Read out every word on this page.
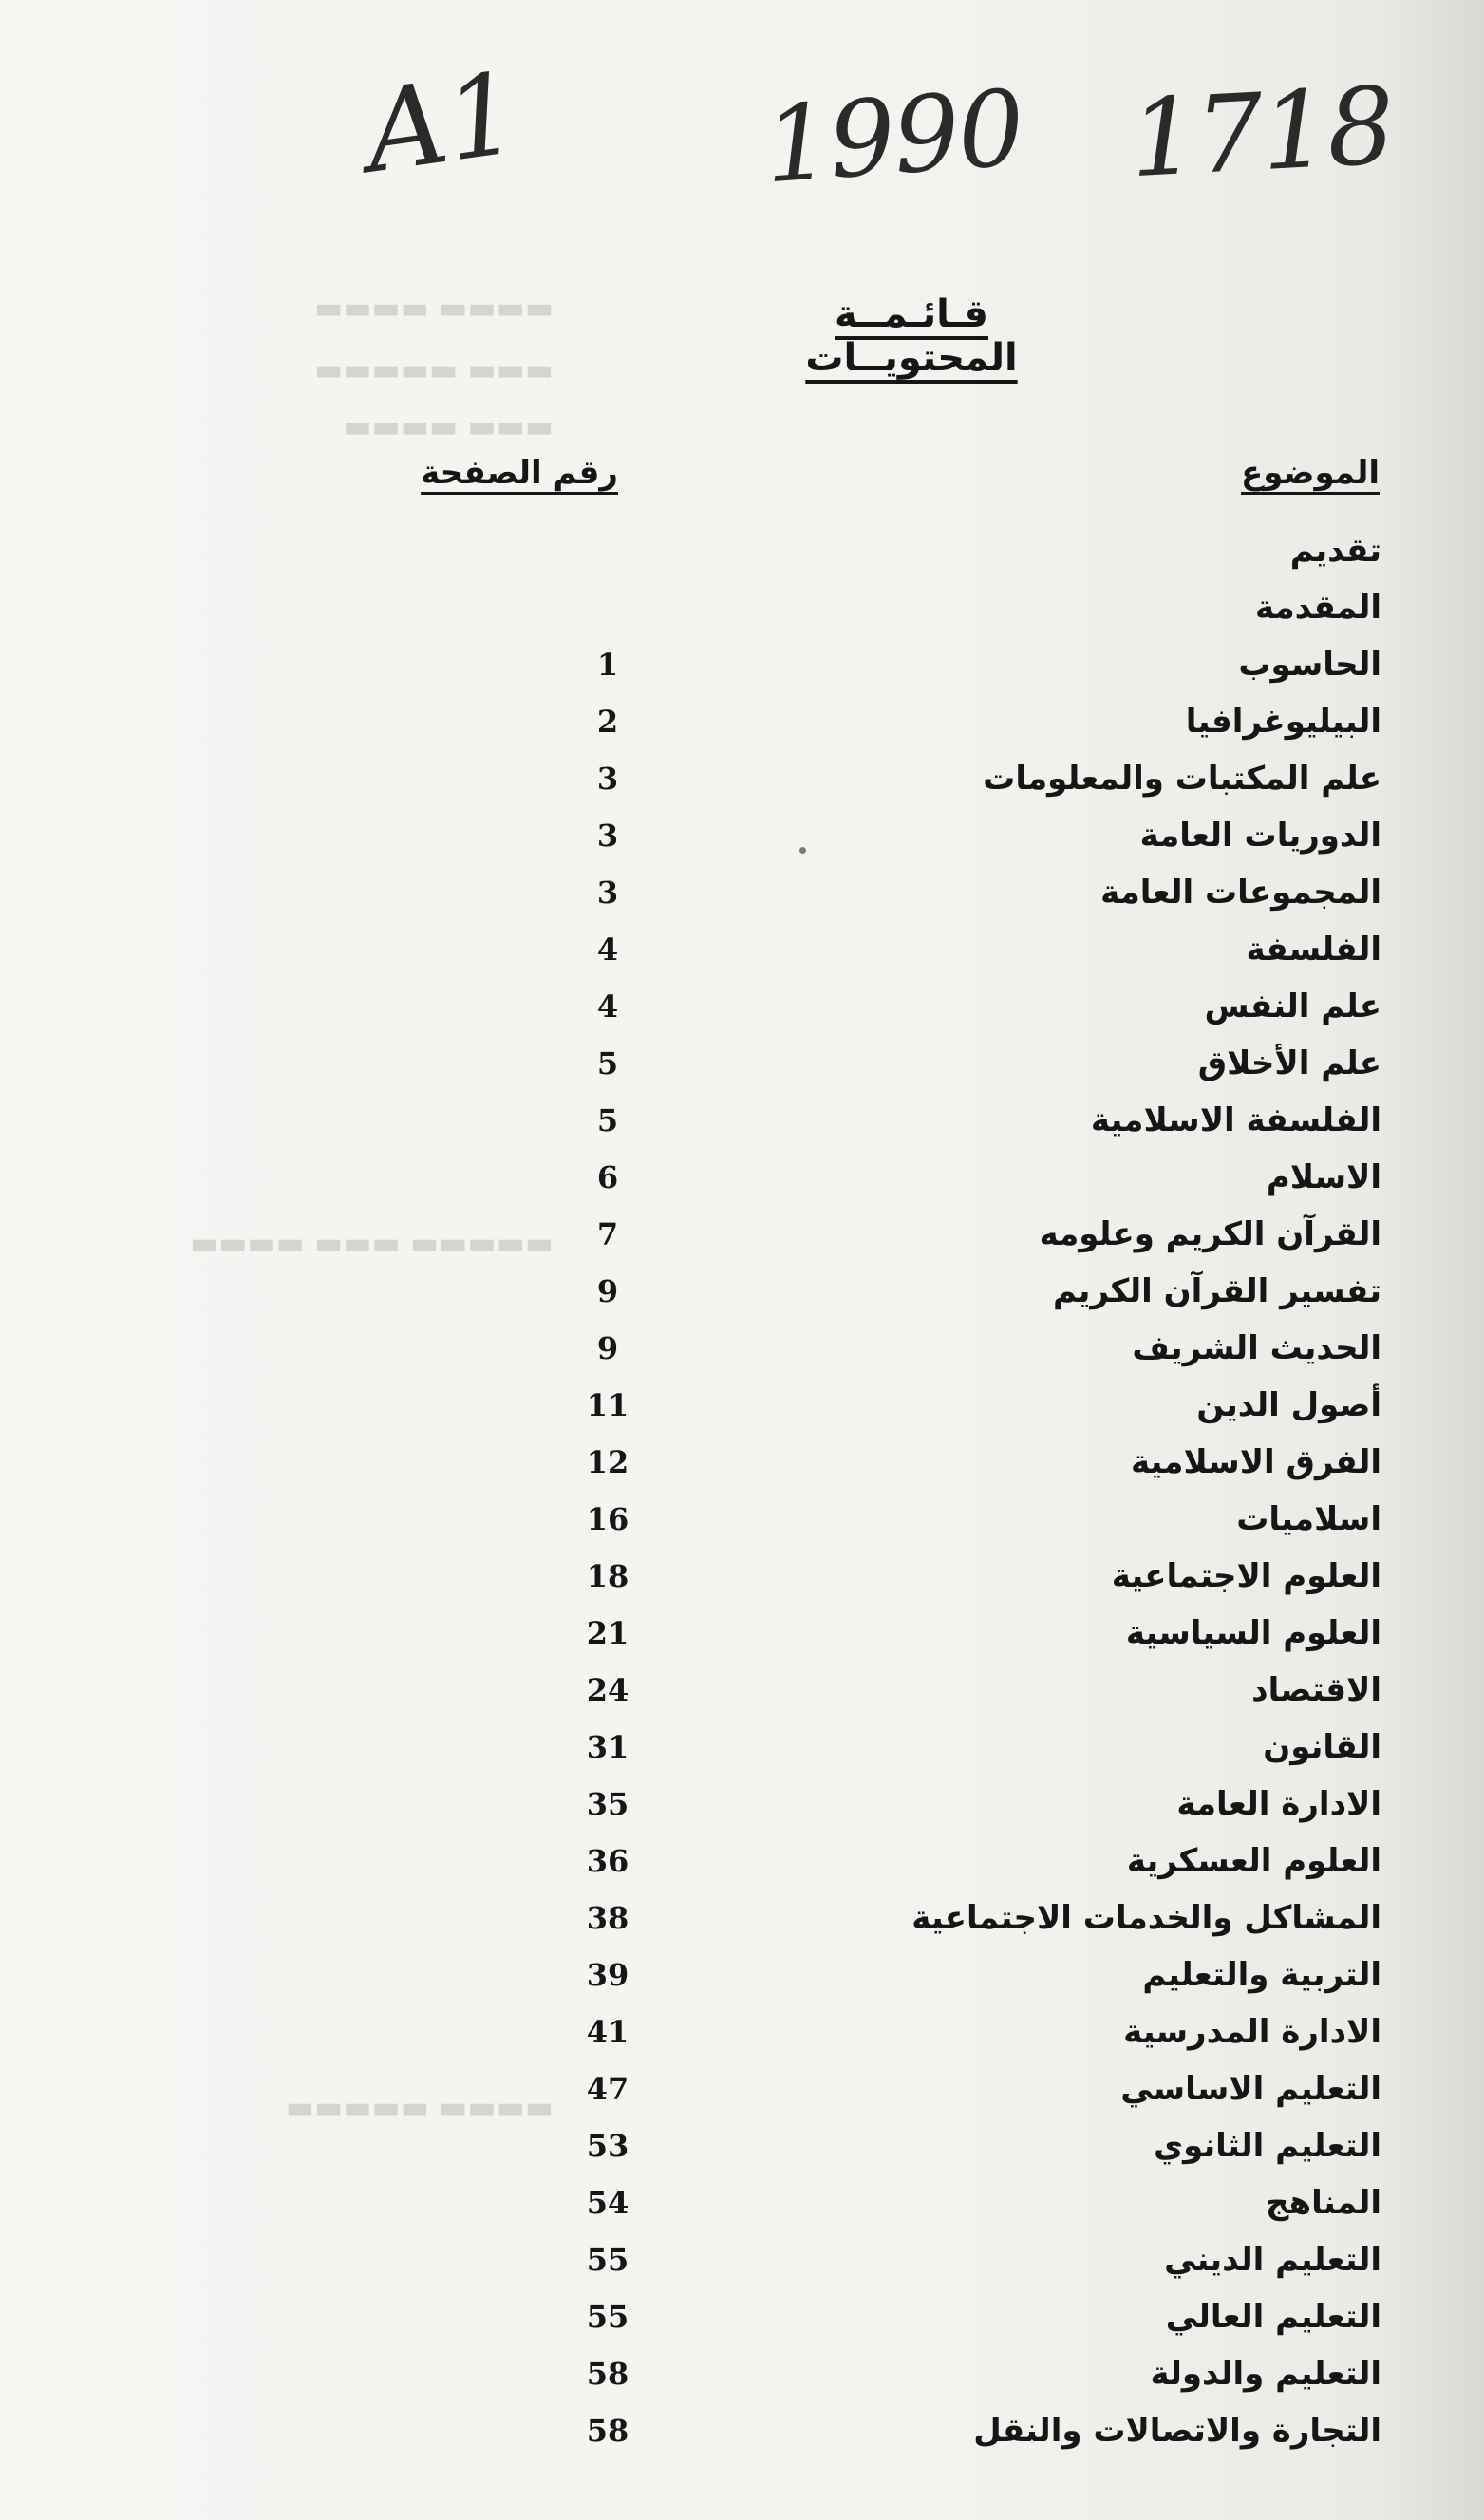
▬▬▬▬ ▬▬▬▬
▬▬▬ ▬▬▬▬▬
▬▬▬ ▬▬▬▬
▬▬▬▬▬ ▬▬▬ ▬▬▬▬
▬▬▬▬ ▬▬▬▬▬
A1 1990 1718
قـائـمــة المحتويــات
الموضوع
رقم الصفحة
تقديم
المقدمة
الحاسوب
1
البيليوغرافيا
2
علم المكتبات والمعلومات
3
الدوريات العامة
3
المجموعات العامة
3
الفلسفة
4
علم النفس
4
علم الأخلاق
5
الفلسفة الاسلامية
5
الاسلام
6
القرآن الكريم وعلومه
7
تفسير القرآن الكريم
9
الحديث الشريف
9
أصول الدين
11
الفرق الاسلامية
12
اسلاميات
16
العلوم الاجتماعية
18
العلوم السياسية
21
الاقتصاد
24
القانون
31
الادارة العامة
35
العلوم العسكرية
36
المشاكل والخدمات الاجتماعية
38
التربية والتعليم
39
الادارة المدرسية
41
التعليم الاساسي
47
التعليم الثانوي
53
المناهج
54
التعليم الديني
55
التعليم العالي
55
التعليم والدولة
58
التجارة والاتصالات والنقل
58
